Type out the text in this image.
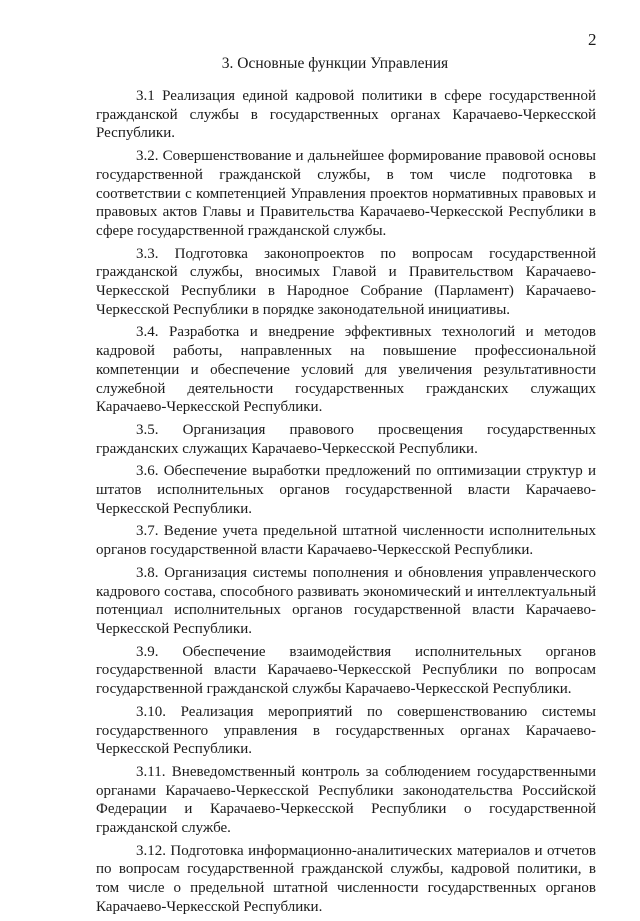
2
3. Основные функции Управления

3.1 Реализация единой кадровой политики в сфере государственной гражданской службы в государственных органах Карачаево-Черкесской Республики.

3.2. Совершенствование и дальнейшее формирование правовой основы государственной гражданской службы, в том числе подготовка в соответствии с компетенцией Управления проектов нормативных правовых и правовых актов Главы и Правительства Карачаево-Черкесской Республики в сфере государственной гражданской службы.

3.3. Подготовка законопроектов по вопросам государственной гражданской службы, вносимых Главой и Правительством Карачаево-Черкесской Республики в Народное Собрание (Парламент) Карачаево-Черкесской Республики в порядке законодательной инициативы.

3.4. Разработка и внедрение эффективных технологий и методов кадровой работы, направленных на повышение профессиональной компетенции и обеспечение условий для увеличения результативности служебной деятельности государственных гражданских служащих Карачаево-Черкесской Республики.

3.5. Организация правового просвещения государственных гражданских служащих Карачаево-Черкесской Республики.

3.6. Обеспечение выработки предложений по оптимизации структур и штатов исполнительных органов государственной власти Карачаево-Черкесской Республики.

3.7. Ведение учета предельной штатной численности исполнительных органов государственной власти Карачаево-Черкесской Республики.

3.8. Организация системы пополнения и обновления управленческого кадрового состава, способного развивать экономический и интеллектуальный потенциал исполнительных органов государственной власти Карачаево-Черкесской Республики.

3.9. Обеспечение взаимодействия исполнительных органов государственной власти Карачаево-Черкесской Республики по вопросам государственной гражданской службы Карачаево-Черкесской Республики.

3.10. Реализация мероприятий по совершенствованию системы государственного управления в государственных органах Карачаево-Черкесской Республики.

3.11. Вневедомственный контроль за соблюдением государственными органами Карачаево-Черкесской Республики законодательства Российской Федерации и Карачаево-Черкесской Республики о государственной гражданской службе.

3.12. Подготовка информационно-аналитических материалов и отчетов по вопросам государственной гражданской службы, кадровой политики, в том числе о предельной штатной численности государственных органов Карачаево-Черкесской Республики.
